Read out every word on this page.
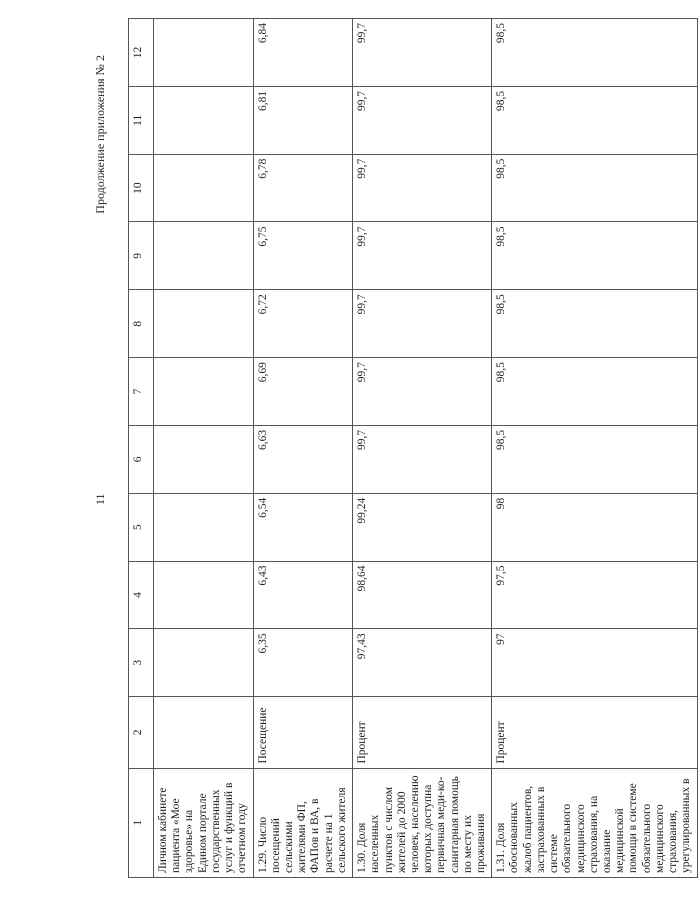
11
Продолжение приложения № 2
1	2	3	4	5	6	7	8	9	10	11	12
Личном кабинете пациента «Мое здоровье» на Едином портале государственных услуг и функций в отчетном году											
1.29. Число посещений сельскими жителями ФП, ФАПов и ВА, в расчете на 1 сельского жителя	Посещение	6,35	6,43	6,54	6,63	6,69	6,72	6,75	6,78	6,81	6,84
1.30. Доля населенных пунктов с числом жителей до 2000 человек, населению которых доступна первичная меди-ко-санитарная помощь по месту их проживания	Процент	97,43	98,64	99,24	99,7	99,7	99,7	99,7	99,7	99,7	99,7
1.31. Доля обоснованных жалоб пациентов, застрахованных в системе обязательного медицинского страхования, на оказание медицинской помощи в системе обязательного медицинского страхования, урегулированных в	Процент	97	97,5	98	98,5	98,5	98,5	98,5	98,5	98,5	98,5
